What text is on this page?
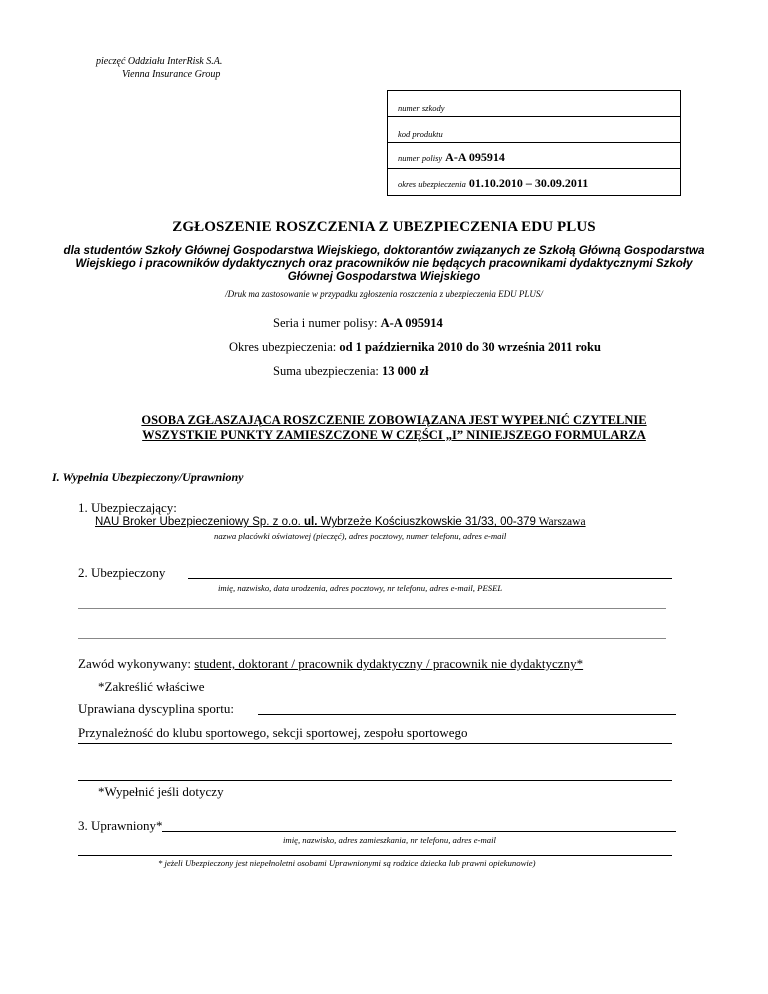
pieczęć Oddziału InterRisk S.A.
Vienna Insurance Group
numer szkody
kod produktu
numer polisy A-A 095914
okres ubezpieczenia 01.10.2010 – 30.09.2011
ZGŁOSZENIE ROSZCZENIA Z UBEZPIECZENIA EDU PLUS
dla studentów Szkoły Głównej Gospodarstwa Wiejskiego, doktorantów związanych ze Szkołą Główną Gospodarstwa Wiejskiego i pracowników dydaktycznych oraz pracowników nie będących pracownikami dydaktycznymi Szkoły Głównej Gospodarstwa Wiejskiego
/Druk ma zastosowanie w przypadku zgłoszenia roszczenia z ubezpieczenia EDU PLUS/
Seria i numer polisy: A-A 095914
Okres ubezpieczenia: od 1 października 2010 do 30 września 2011 roku
Suma ubezpieczenia: 13 000 zł
OSOBA ZGŁASZAJĄCA ROSZCZENIE ZOBOWIĄZANA JEST WYPEŁNIĆ CZYTELNIE
WSZYSTKIE PUNKTY ZAMIESZCZONE W CZĘŚCI „I” NINIEJSZEGO FORMULARZA
I. Wypełnia Ubezpieczony/Uprawniony
1. Ubezpieczający:
NAU Broker Ubezpieczeniowy Sp. z o.o. ul. Wybrzeże Kościuszkowskie 31/33, 00-379 Warszawa
nazwa placówki oświatowej (pieczęć), adres pocztowy, numer telefonu, adres e-mail
2. Ubezpieczony
imię, nazwisko, data urodzenia, adres pocztowy, nr telefonu, adres e-mail, PESEL
Zawód wykonywany: student, doktorant / pracownik dydaktyczny / pracownik nie dydaktyczny*
*Zakreślić właściwe
Uprawiana dyscyplina sportu:
Przynależność do klubu sportowego, sekcji sportowej, zespołu sportowego
*Wypełnić jeśli dotyczy
3. Uprawniony*
imię, nazwisko, adres zamieszkania, nr telefonu, adres e-mail
* jeżeli Ubezpieczony jest niepełnoletni osobami Uprawnionymi są rodzice dziecka lub prawni opiekunowie)
